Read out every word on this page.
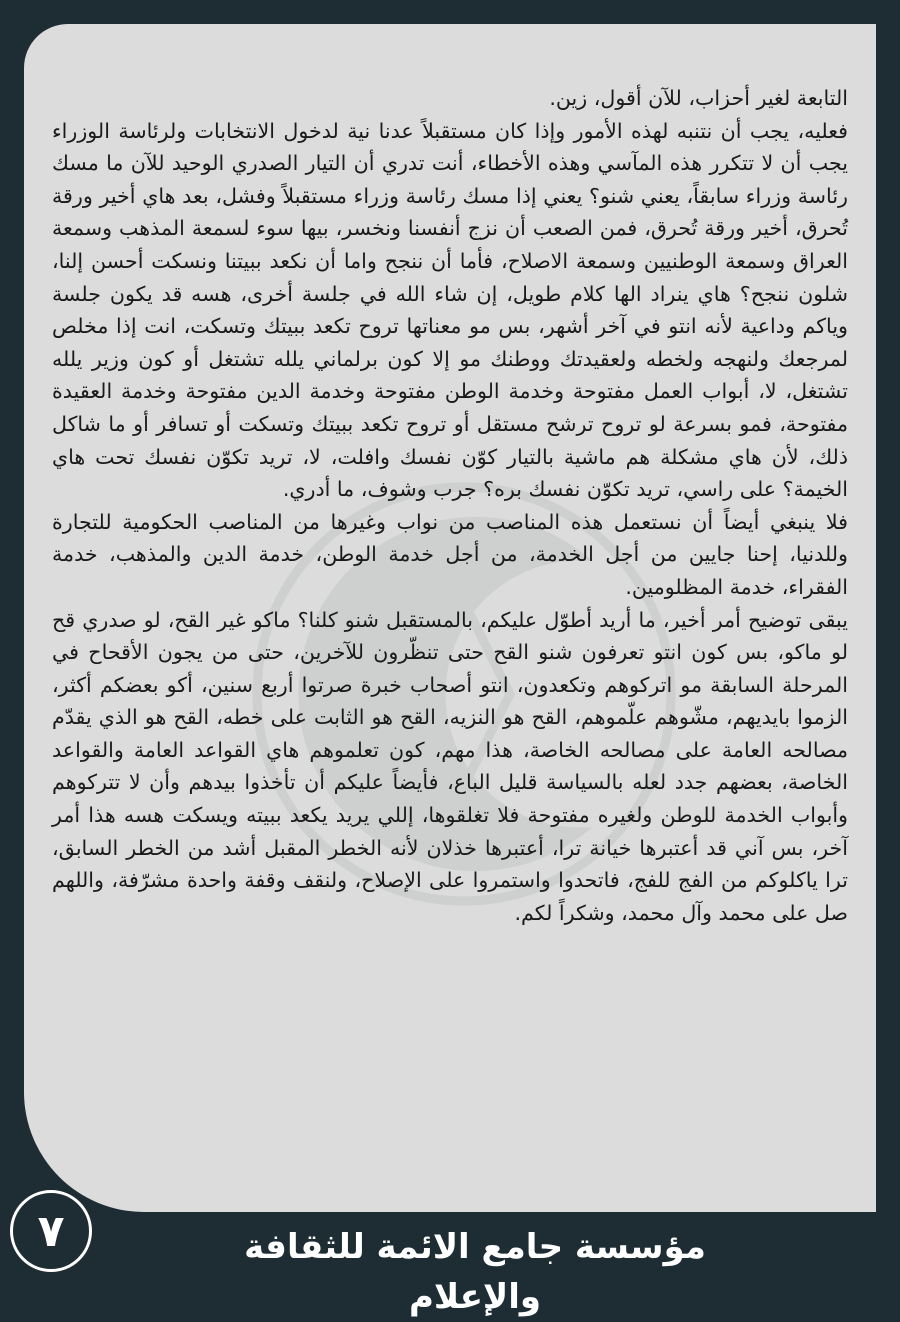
التابعة لغير أحزاب، للآن أقول، زين.

فعليه، يجب أن نتنبه لهذه الأمور وإذا كان مستقبلاً عدنا نية لدخول الانتخابات ولرئاسة الوزراء يجب أن لا تتكرر هذه المآسي وهذه الأخطاء، أنت تدري أن التيار الصدري الوحيد للآن ما مسك رئاسة وزراء سابقاً، يعني شنو؟ يعني إذا مسك رئاسة وزراء مستقبلاً وفشل، بعد هاي أخير ورقة تُحرق، أخير ورقة تُحرق، فمن الصعب أن نزج أنفسنا ونخسر، بيها سوء لسمعة المذهب وسمعة العراق وسمعة الوطنيين وسمعة الاصلاح، فأما أن ننجح واما أن نكعد ببيتنا ونسكت أحسن إلنا، شلون ننجح؟ هاي ينراد الها كلام طويل، إن شاء الله في جلسة أخرى، هسه قد يكون جلسة وياكم وداعية لأنه انتو في آخر أشهر، بس مو معناتها تروح تكعد ببيتك وتسكت، انت إذا مخلص لمرجعك ولنهجه ولخطه ولعقيدتك ووطنك مو إلا كون برلماني يلله تشتغل أو كون وزير يلله تشتغل، لا، أبواب العمل مفتوحة وخدمة الوطن مفتوحة وخدمة الدين مفتوحة وخدمة العقيدة مفتوحة، فمو بسرعة لو تروح ترشح مستقل أو تروح تكعد ببيتك وتسكت أو تسافر أو ما شاكل ذلك، لأن هاي مشكلة هم ماشية بالتيار كوّن نفسك وافلت، لا، تريد تكوّن نفسك تحت هاي الخيمة؟ على راسي، تريد تكوّن نفسك بره؟ جرب وشوف، ما أدري.

فلا ينبغي أيضاً أن نستعمل هذه المناصب من نواب وغيرها من المناصب الحكومية للتجارة وللدنيا، إحنا جايين من أجل الخدمة، من أجل خدمة الوطن، خدمة الدين والمذهب، خدمة الفقراء، خدمة المظلومين.

يبقى توضيح أمر أخير، ما أريد أطوّل عليكم، بالمستقبل شنو كلنا؟ ماكو غير القح، لو صدري قح لو ماكو، بس كون انتو تعرفون شنو القح حتى تنظّرون للآخرين، حتى من يجون الأقحاح في المرحلة السابقة مو اتركوهم وتكعدون، انتو أصحاب خبرة صرتوا أربع سنين، أكو بعضكم أكثر، الزموا بايديهم، مشّوهم علّموهم، القح هو النزيه، القح هو الثابت على خطه، القح هو الذي يقدّم مصالحه العامة على مصالحه الخاصة، هذا مهم، كون تعلموهم هاي القواعد العامة والقواعد الخاصة، بعضهم جدد لعله بالسياسة قليل الباع، فأيضاً عليكم أن تأخذوا بيدهم وأن لا تتركوهم وأبواب الخدمة للوطن ولغيره مفتوحة فلا تغلقوها، إللي يريد يكعد ببيته ويسكت هسه هذا أمر آخر، بس آني قد أعتبرها خيانة ترا، أعتبرها خذلان لأنه الخطر المقبل أشد من الخطر السابق، ترا ياكلوكم من الفج للفج، فاتحدوا واستمروا على الإصلاح، ولنقف وقفة واحدة مشرّفة، واللهم صل على محمد وآل محمد، وشكراً لكم.

مؤسسة جامع الائمة للثقافة والإعلام
٧
